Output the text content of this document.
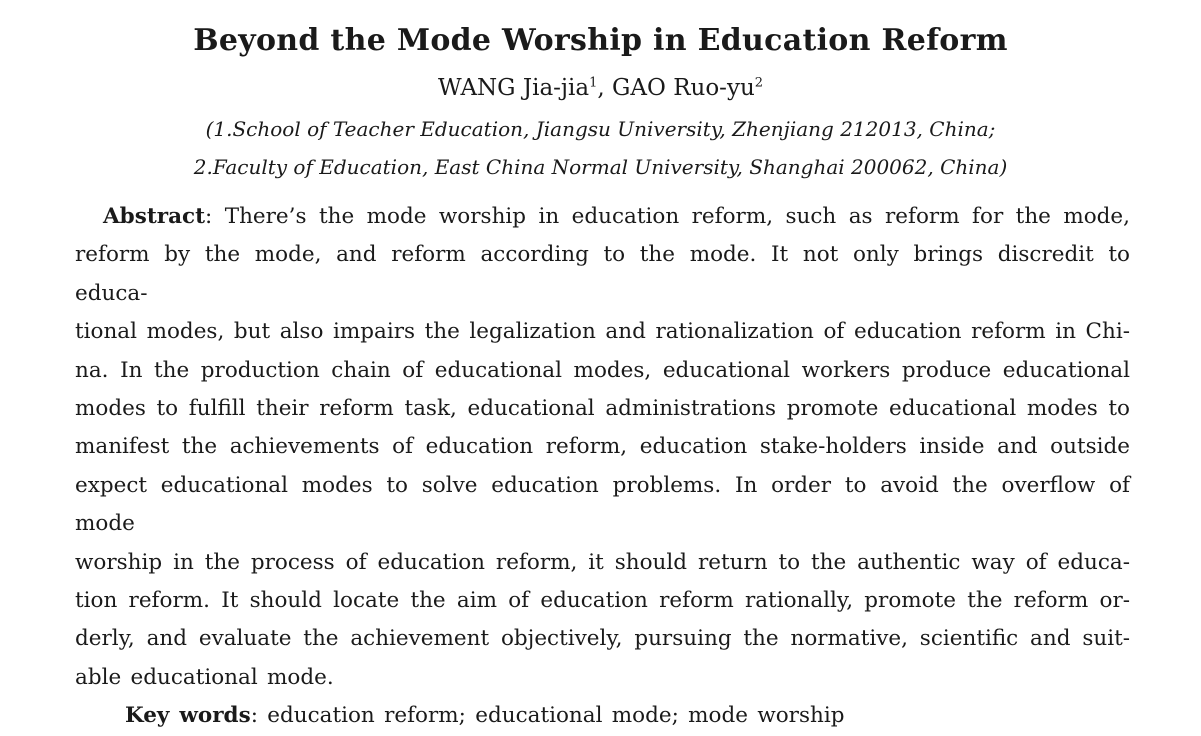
Beyond the Mode Worship in Education Reform
WANG Jia-jia$^1$, GAO Ruo-$yu^2$
(1.School of Teacher Education, Jiangsu University, Zhenjiang 212013, China;
2.Faculty of Education, East China Normal University, Shanghai 200062, China)
Abstract: There’s the mode worship in education reform, such as reform for the mode,
reform by the mode, and reform according to the mode. It not only brings discredit to educa-
tional modes, but also impairs the legalization and rationalization of education reform in Chi-
na. In the production chain of educational modes, educational workers produce educational
modes to fulfill their reform task, educational administrations promote educational modes to
manifest the achievements of education reform, education stake-holders inside and outside
expect educational modes to solve education problems. In order to avoid the overflow of mode
worship in the process of education reform, it should return to the authentic way of educa-
tion reform. It should locate the aim of education reform rationally, promote the reform or-
derly, and evaluate the achievement objectively, pursuing the normative, scientific and suit-
able educational mode.
Key words: education reform; educational mode; mode worship
